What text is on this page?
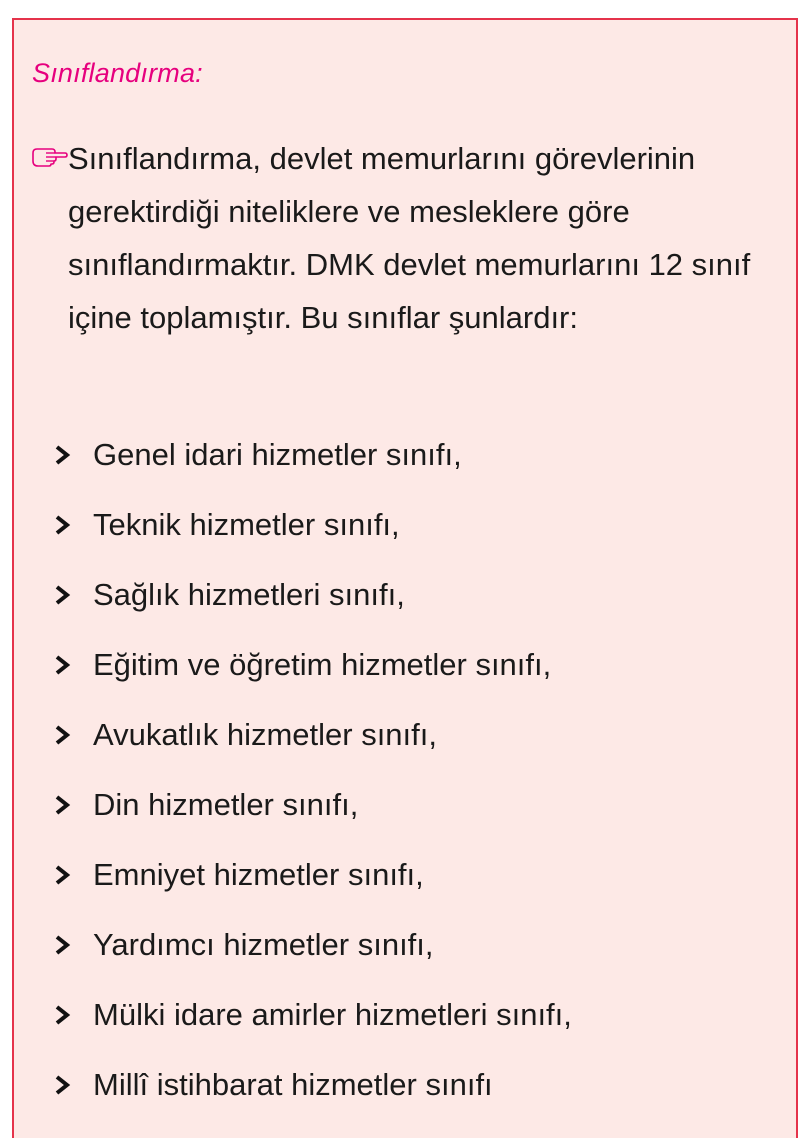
Sınıflandırma:
Sınıflandırma, devlet memurlarını görevlerinin gerektirdiği niteliklere ve mesleklere göre sınıflandırmaktır. DMK devlet memurlarını 12 sınıf içine toplamıştır. Bu sınıflar şunlardır:
Genel idari hizmetler sınıfı,
Teknik hizmetler sınıfı,
Sağlık hizmetleri sınıfı,
Eğitim ve öğretim hizmetler sınıfı,
Avukatlık hizmetler sınıfı,
Din hizmetler sınıfı,
Emniyet hizmetler sınıfı,
Yardımcı hizmetler sınıfı,
Mülki idare amirler hizmetleri sınıfı,
Millî istihbarat hizmetler sınıfı
